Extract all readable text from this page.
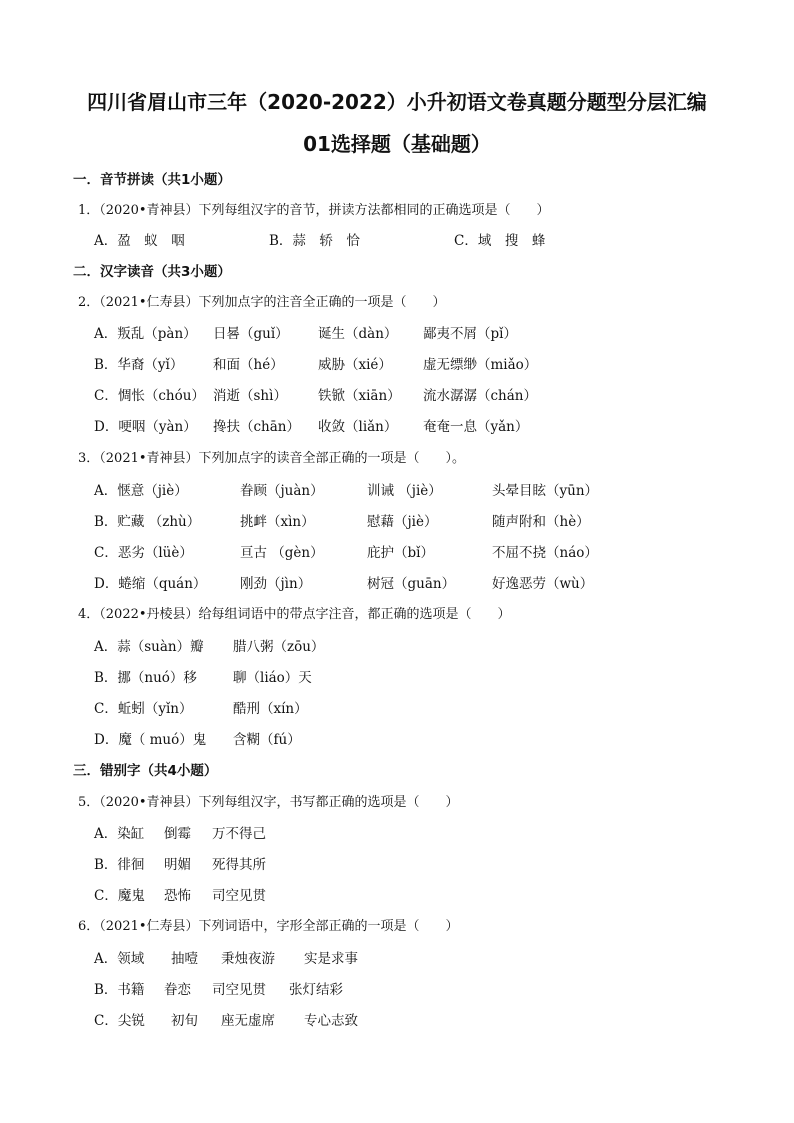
四川省眉山市三年（2020-2022）小升初语文卷真题分题型分层汇编
01选择题（基础题）
一．音节拼读（共1小题）
1．（2020•青神县）下列每组汉字的音节，拼读方法都相同的正确选项是（　　）
A．盈　蚁　咽	B．蒜　轿　恰	C．域　搜　蜂
二．汉字读音（共3小题）
2．（2021•仁寿县）下列加点字的注音全正确的一项是（　　）
A．叛乱（pàn） 日晷（guǐ） 诞生（dàn） 鄙夷不屑（pǐ）
B．华裔（yǐ） 和面（hé）	威胁（xié） 虚无缥缈（miǎo）
C．惆怅（chóu） 消逝（shì） 铁锨（xiān） 流水潺潺（chán）
D．哽咽（yàn） 搀扶（chān） 收敛（liǎn） 奄奄一息（yǎn）
3．（2021•青神县）下列加点字的读音全部正确的一项是（　　）。
A．惬意（jiè）	眷顾（juàn）	训诫 （jiè）	头晕目眩（yūn）
B．贮藏 （zhù）	挑衅（xìn）	慰藉（jiè）	随声附和（hè）
C．恶劣（lüè）	亘古 （gèn）	庇护（bǐ）	不屈不挠（náo）
D．蜷缩（quán） 刚劲（jìn）	树冠（guān）	好逸恶劳（wù）
4．（2022•丹棱县）给每组词语中的带点字注音，都正确的选项是（　　）
A．蒜（suàn）瓣 腊八粥（zōu）
B．挪（nuó）移	聊（liáo）天
C．蚯蚓（yǐn）	酷刑（xín）
D．魔（ muó）鬼 含糊（fú）
三．错别字（共4小题）
5．（2020•青神县）下列每组汉字，书写都正确的选项是（　　）
A．染缸 倒霉 万不得己
B．徘徊 明媚 死得其所
C．魔鬼 恐怖 司空见贯
6．（2021•仁寿县）下列词语中，字形全部正确的一项是（　　）
A．领域 抽噎 秉烛夜游 实是求事
B．书籍 眷恋 司空见贯 张灯结彩
C．尖锐 初旬 座无虚席 专心志致
